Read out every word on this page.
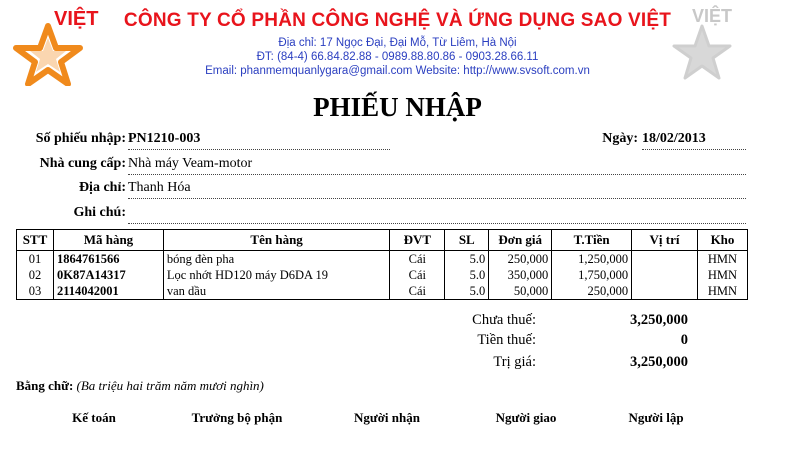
VIỆT	VIỆT
CÔNG TY CỔ PHẦN CÔNG NGHỆ VÀ ỨNG DỤNG SAO VIỆT
Địa chỉ: 17 Ngọc Đại, Đại Mỗ, Từ Liêm, Hà Nội
ĐT: (84-4) 66.84.82.88 - 0989.88.80.86 - 0903.28.66.11
Email: phanmemquanlygara@gmail.com Website: http://www.svsoft.com.vn
PHIẾU NHẬP
Số phiếu nhập: PN1210-003	Ngày: 18/02/2013
Nhà cung cấp: Nhà máy Veam-motor
Địa chỉ: Thanh Hóa
Ghi chú:
STT	Mã hàng	Tên hàng	ĐVT	SL	Đơn giá	T.Tiền	Vị trí	Kho
01	1864761566	bóng đèn pha	Cái	5.0	250,000	1,250,000		HMN
02	0K87A14317	Lọc nhớt HD120 máy D6DA 19	Cái	5.0	350,000	1,750,000		HMN
03	2114042001	van dầu	Cái	5.0	50,000	250,000		HMN
Chưa thuế:	3,250,000
Tiền thuế:	0
Trị giá:	3,250,000
Bằng chữ: (Ba triệu hai trăm năm mươi nghìn)
Kế toán	Trưởng bộ phận	Người nhận	Người giao	Người lập
